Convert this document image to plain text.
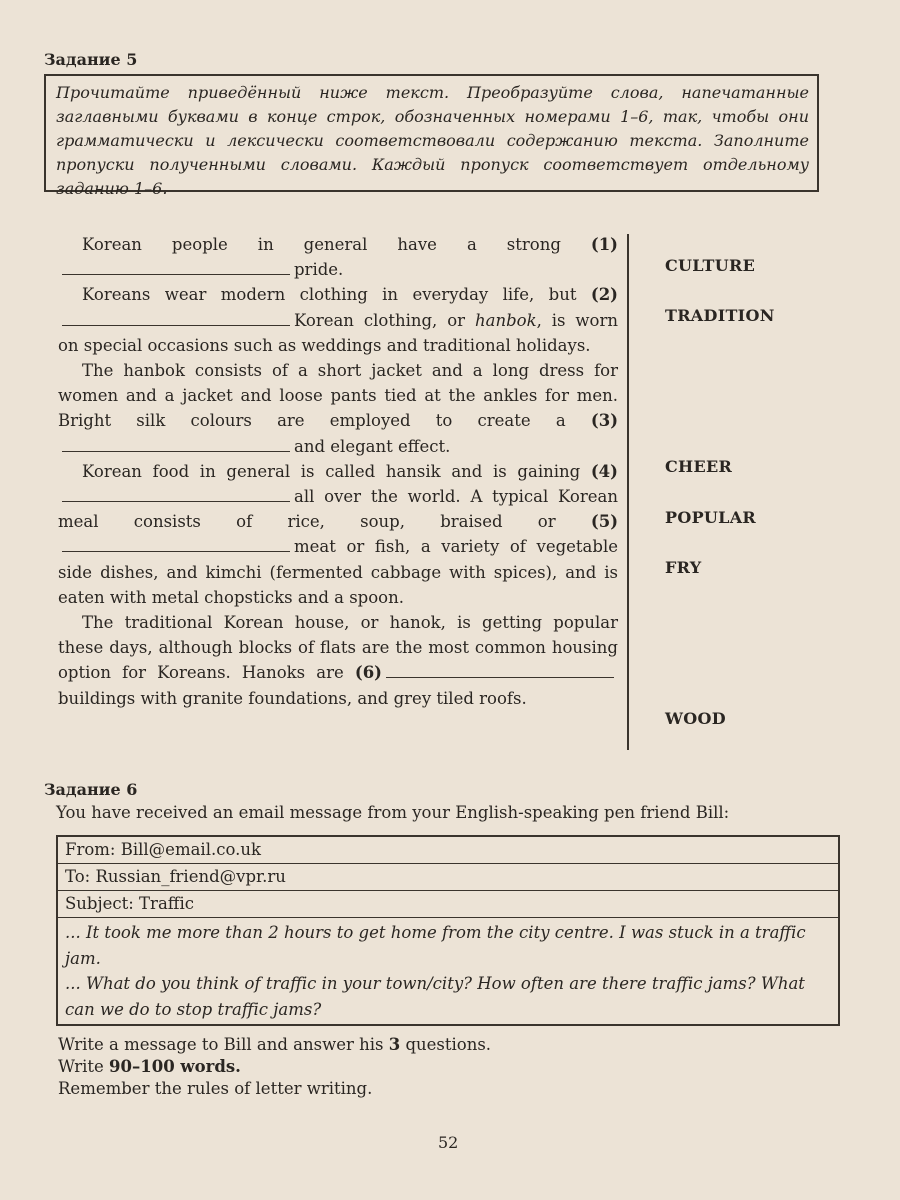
Задание 5
Прочитайте приведённый ниже текст. Преобразуйте слова, напечатанные заглавными буквами в конце строк, обозначенных номерами 1–6, так, чтобы они грамматически и лексически соответствовали содержанию текста. Заполните пропуски полученными словами. Каждый пропуск соответствует отдельному заданию 1–6.

Korean people in general have a strong (1)pride.

Koreans wear modern clothing in everyday life, but (2)Korean clothing, or hanbok, is worn on special occasions such as weddings and traditional holidays.

The hanbok consists of a short jacket and a long dress for women and a jacket and loose pants tied at the ankles for men. Bright silk colours are employed to create a (3)and elegant effect.

Korean food in general is called hansik and is gaining (4)all over the world. A typical Korean meal consists of rice, soup, braised or (5)meat or fish, a variety of vegetable side dishes, and kimchi (fermented cabbage with spices), and is eaten with metal chopsticks and a spoon.

The traditional Korean house, or hanok, is getting popular these days, although blocks of flats are the most common housing option for Koreans. Hanoks are (6)buildings with granite foundations, and grey tiled roofs.

CULTURE
TRADITION
CHEER
POPULAR
FRY
WOOD
Задание 6
You have received an email message from your English-speaking pen friend Bill:
From: Bill@email.co.uk
To: Russian_friend@vpr.ru
Subject: Traffic
... It took me more than 2 hours to get home from the city centre. I was stuck in a traffic jam.
... What do you think of traffic in your town/city? How often are there traffic jams? What can we do to stop traffic jams?
Write a message to Bill and answer his 3 questions.
Write 90–100 words.
Remember the rules of letter writing.
52
